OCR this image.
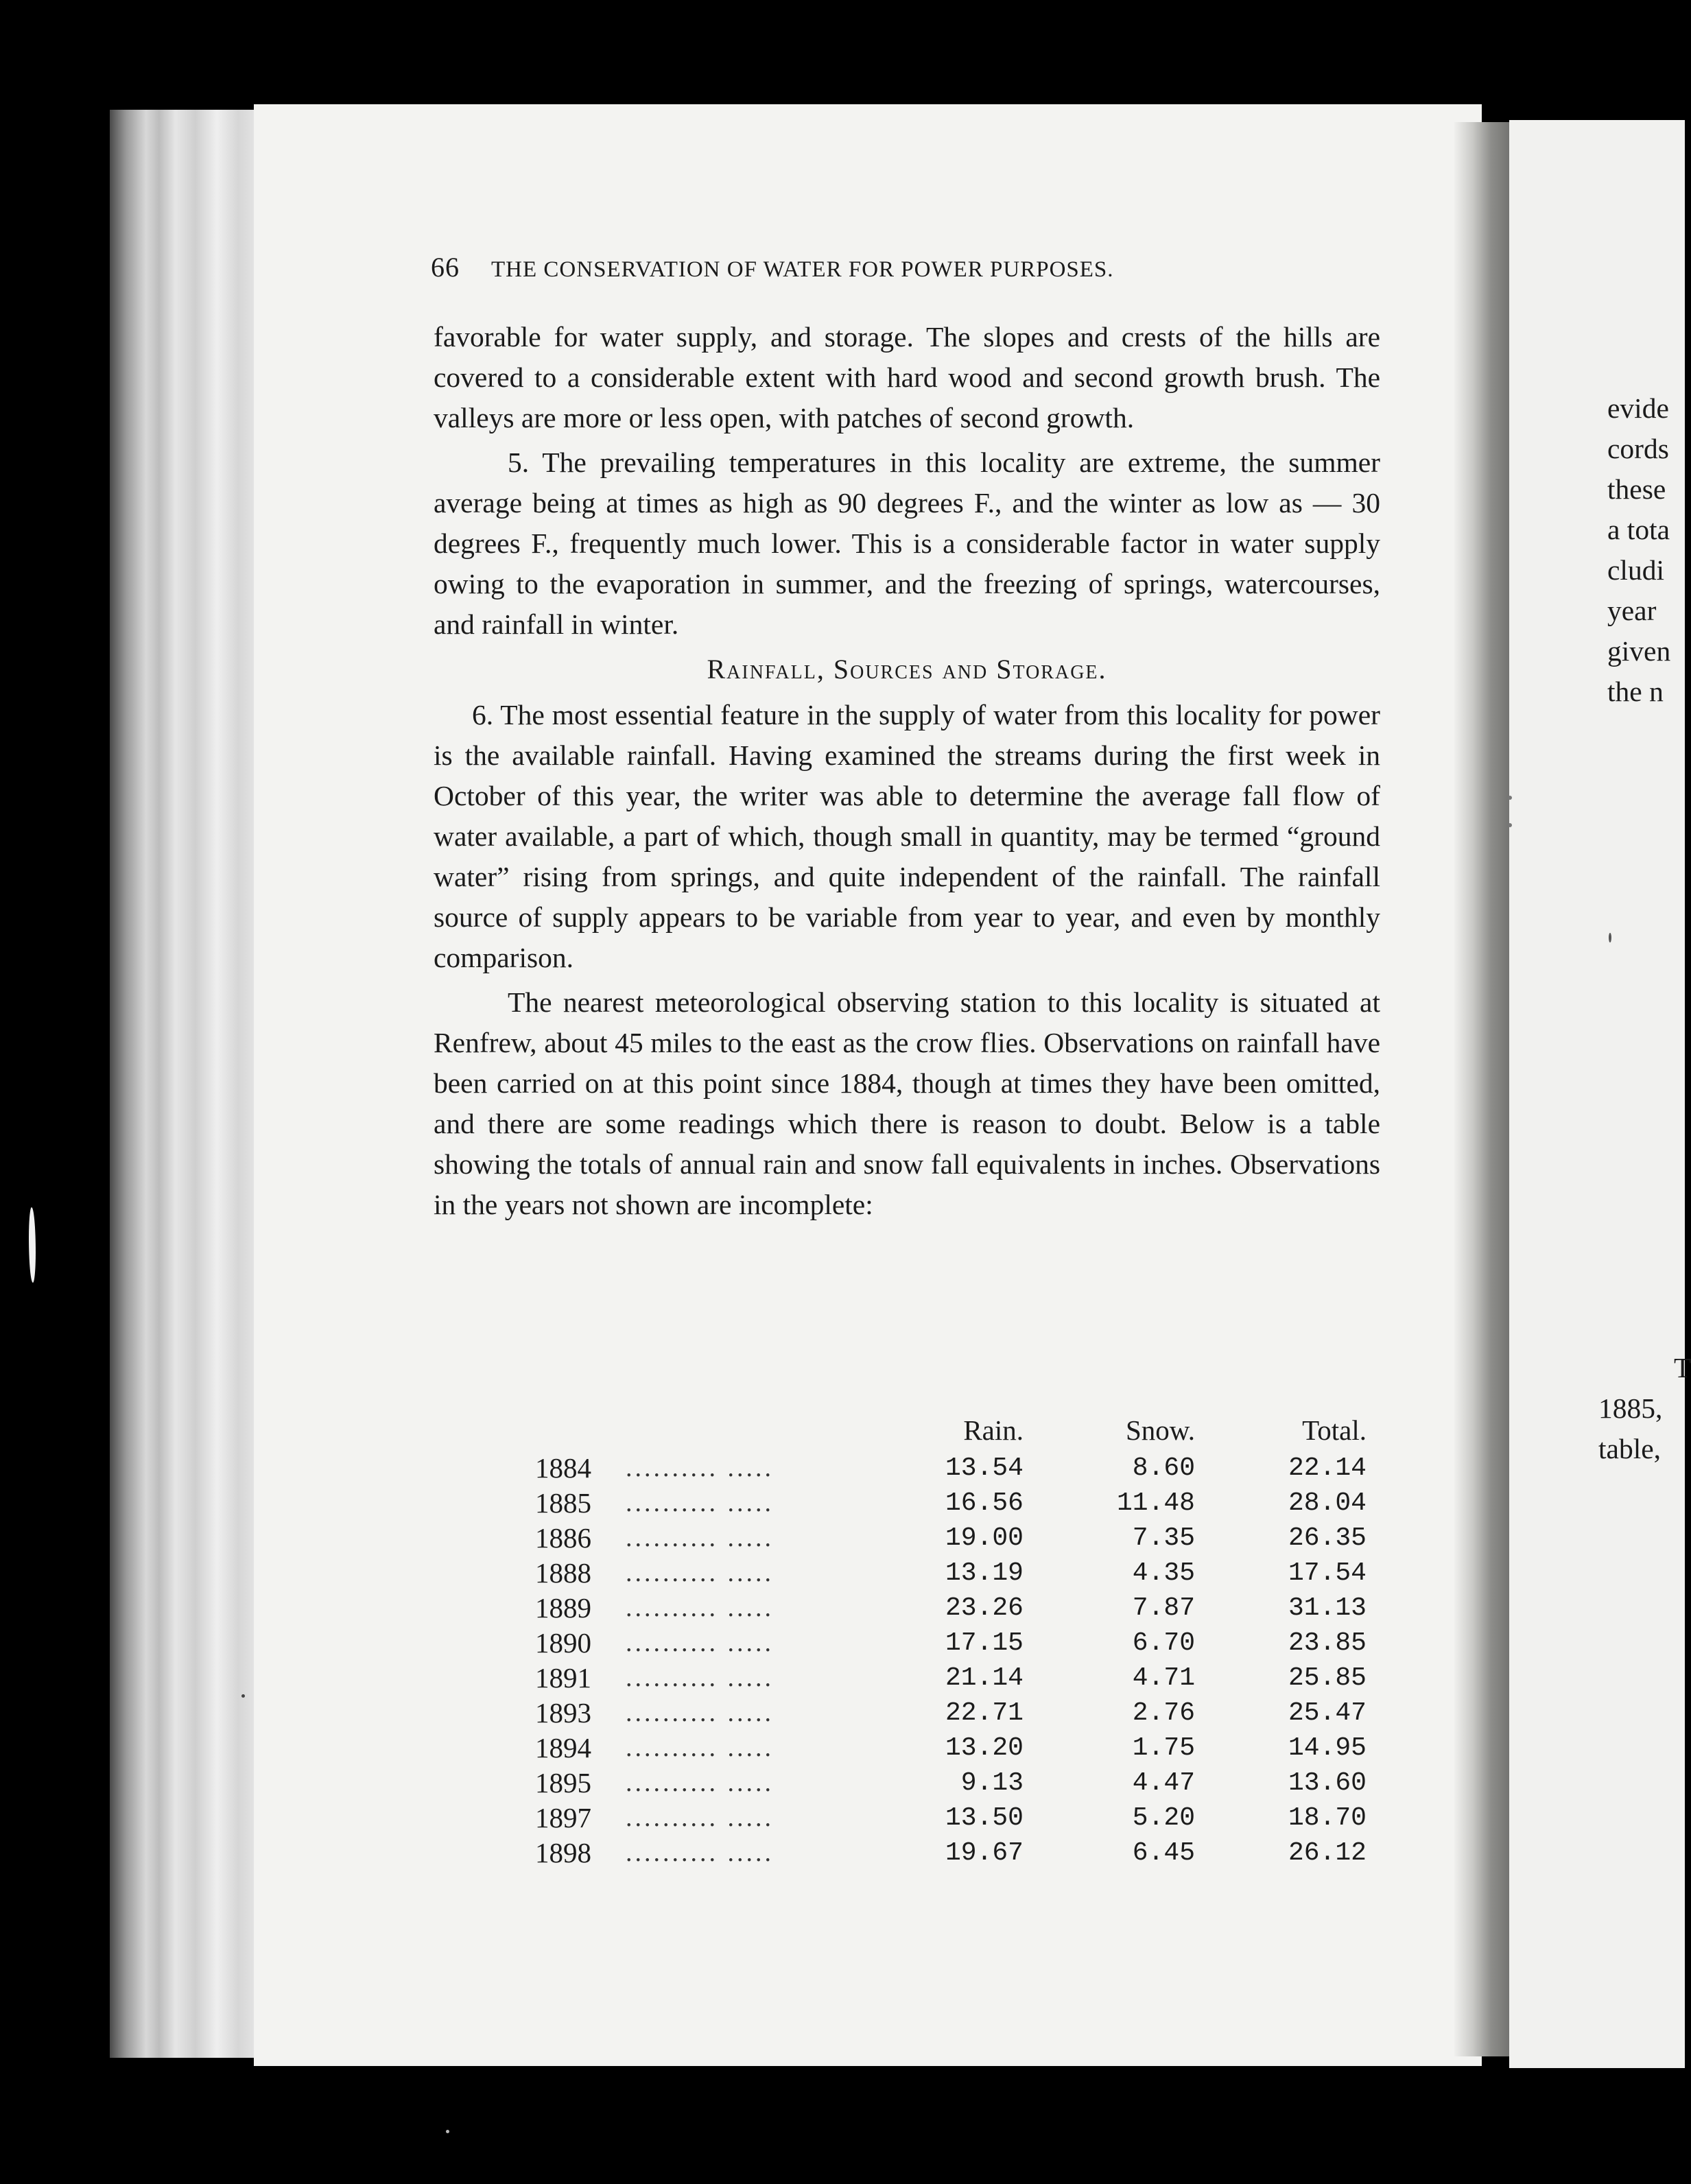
66 THE CONSERVATION OF WATER FOR POWER PURPOSES.

favorable for water supply, and storage. The slopes and crests of the hills are covered to a considerable extent with hard wood and second growth brush. The valleys are more or less open, with patches of second growth.

5. The prevailing temperatures in this locality are extreme, the summer average being at times as high as 90 degrees F., and the winter as low as — 30 degrees F., frequently much lower. This is a considerable factor in water supply owing to the evaporation in summer, and the freezing of springs, watercourses, and rainfall in winter.

Rainfall, Sources and Storage.

6. The most essential feature in the supply of water from this locality for power is the available rainfall. Having examined the streams during the first week in October of this year, the writer was able to determine the average fall flow of water available, a part of which, though small in quantity, may be termed “ground water” rising from springs, and quite independent of the rainfall. The rainfall source of supply appears to be variable from year to year, and even by monthly comparison.

The nearest meteorological observing station to this locality is situated at Renfrew, about 45 miles to the east as the crow flies. Observations on rainfall have been carried on at this point since 1884, though at times they have been omitted, and there are some readings which there is reason to doubt. Below is a table showing the totals of annual rain and snow fall equivalents in inches. Observations in the years not shown are incomplete:

		Rain.	Snow.	Total.
1884	.......... .....	13.54	8.60	22.14
1885	.......... .....	16.56	11.48	28.04
1886	.......... .....	19.00	7.35	26.35
1888	.......... .....	13.19	4.35	17.54
1889	.......... .....	23.26	7.87	31.13
1890	.......... .....	17.15	6.70	23.85
1891	.......... .....	21.14	4.71	25.85
1893	.......... .....	22.71	2.76	25.47
1894	.......... .....	13.20	1.75	14.95
1895	.......... .....	9.13	4.47	13.60
1897	.......... .....	13.50	5.20	18.70
1898	.......... .....	19.67	6.45	26.12
evide
cords
these
a tota
cludi
year
given
the n
T
1885,
table,
